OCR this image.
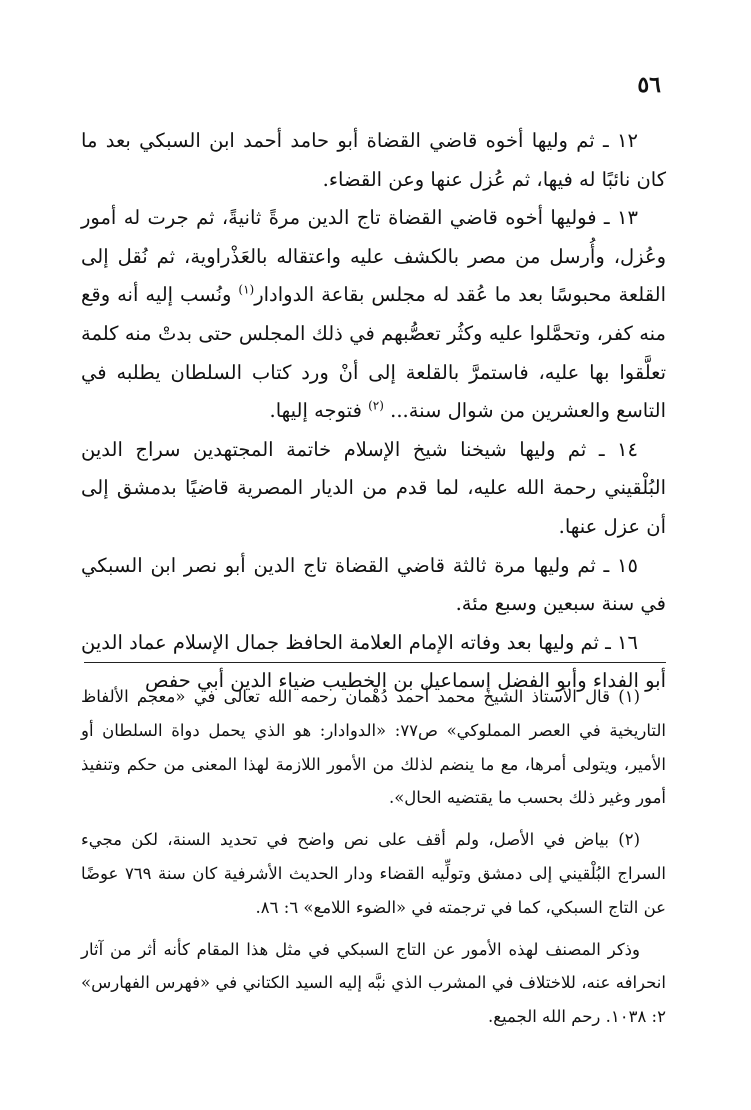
٥٦

١٢ ـ ثم وليها أخوه قاضي القضاة أبو حامد أحمد ابن السبكي بعد ما كان نائبًا له فيها، ثم عُزل عنها وعن القضاء.

١٣ ـ فوليها أخوه قاضي القضاة تاج الدين مرةً ثانيةً، ثم جرت له أمور وعُزل، وأُرسل من مصر بالكشف عليه واعتقاله بالعَذْراوية، ثم نُقل إلى القلعة محبوسًا بعد ما عُقد له مجلس بقاعة الدوادار$^{(١)}$ ونُسب إليه أنه وقع منه كفر، وتحمَّلوا عليه وكثُر تعصُّبهم في ذلك المجلس حتى بدتْ منه كلمة تعلَّقوا بها عليه، فاستمرَّ بالقلعة إلى أنْ ورد كتاب السلطان يطلبه في التاسع والعشرين من شوال سنة... $^{(٢)}$ فتوجه إليها.

١٤ ـ ثم وليها شيخنا شيخ الإسلام خاتمة المجتهدين سراج الدين البُلْقيني رحمة الله عليه، لما قدم من الديار المصرية قاضيًا بدمشق إلى أن عزل عنها.

١٥ ـ ثم وليها مرة ثالثة قاضي القضاة تاج الدين أبو نصر ابن السبكي في سنة سبعين وسبع مئة.

١٦ ـ ثم وليها بعد وفاته الإمام العلامة الحافظ جمال الإسلام عماد الدين أبو الفداء وأبو الفضل إسماعيل بن الخطيب ضياء الدين أبي حفص

(١) قال الأستاذ الشيخ محمد أحمد دُهْمان رحمه الله تعالى في «معجم الألفاظ التاريخية في العصر المملوكي» ص٧٧: «الدوادار: هو الذي يحمل دواة السلطان أو الأمير، ويتولى أمرها، مع ما ينضم لذلك من الأمور اللازمة لهذا المعنى من حكم وتنفيذ أمور وغير ذلك بحسب ما يقتضيه الحال».

(٢) بياض في الأصل، ولم أقف على نص واضح في تحديد السنة، لكن مجيء السراج البُلْقيني إلى دمشق وتولِّيه القضاء ودار الحديث الأشرفية كان سنة ٧٦٩ عوضًا عن التاج السبكي، كما في ترجمته في «الضوء اللامع» ٦: ٨٦.

وذكر المصنف لهذه الأمور عن التاج السبكي في مثل هذا المقام كأنه أثر من آثار انحرافه عنه، للاختلاف في المشرب الذي نبَّه إليه السيد الكتاني في «فهرس الفهارس» ٢: ١٠٣٨. رحم الله الجميع.
